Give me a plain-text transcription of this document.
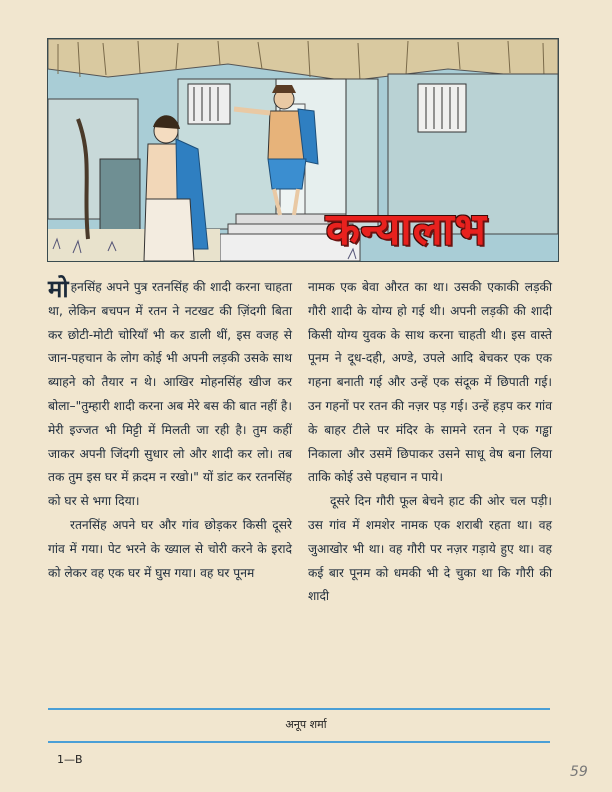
कन्यालाभ

मोहनसिंह अपने पुत्र रतनसिंह की शादी करना चाहता था, लेकिन बचपन में रतन ने नटखट की ज़िंदगी बिता कर छोटी-मोटी चोरियाँ भी कर डाली थीं, इस वजह से जान-पहचान के लोग कोई भी अपनी लड़की उसके साथ ब्याहने को तैयार न थे। आखिर मोहनसिंह खीज कर बोला–"तुम्हारी शादी करना अब मेरे बस की बात नहीं है। मेरी इज्जत भी मिट्टी में मिलती जा रही है। तुम कहीं जाकर अपनी जिंदगी सुधार लो और शादी कर लो। तब तक तुम इस घर में क़दम न रखो।" यों डांट कर रतनसिंह को घर से भगा दिया।

रतनसिंह अपने घर और गांव छोड़कर किसी दूसरे गांव में गया। पेट भरने के ख्याल से चोरी करने के इरादे को लेकर वह एक घर में घुस गया। वह घर पूनम

नामक एक बेवा औरत का था। उसकी एकाकी लड़की गौरी शादी के योग्य हो गई थी। अपनी लड़की की शादी किसी योग्य युवक के साथ करना चाहती थी। इस वास्ते पूनम ने दूध-दही, अण्डे, उपले आदि बेचकर एक एक गहना बनाती गई और उन्हें एक संदूक में छिपाती गई। उन गहनों पर रतन की नज़र पड़ गई। उन्हें हड़प कर गांव के बाहर टीले पर मंदिर के सामने रतन ने एक गड्ढा निकाला और उसमें छिपाकर उसने साधू वेष बना लिया ताकि कोई उसे पहचान न पाये।

दूसरे दिन गौरी फूल बेचने हाट की ओर चल पड़ी। उस गांव में शमशेर नामक एक शराबी रहता था। वह जुआखोर भी था। वह गौरी पर नज़र गड़ाये हुए था। वह कई बार पूनम को धमकी भी दे चुका था कि गौरी की शादी

अनूप शर्मा
1—B
59
